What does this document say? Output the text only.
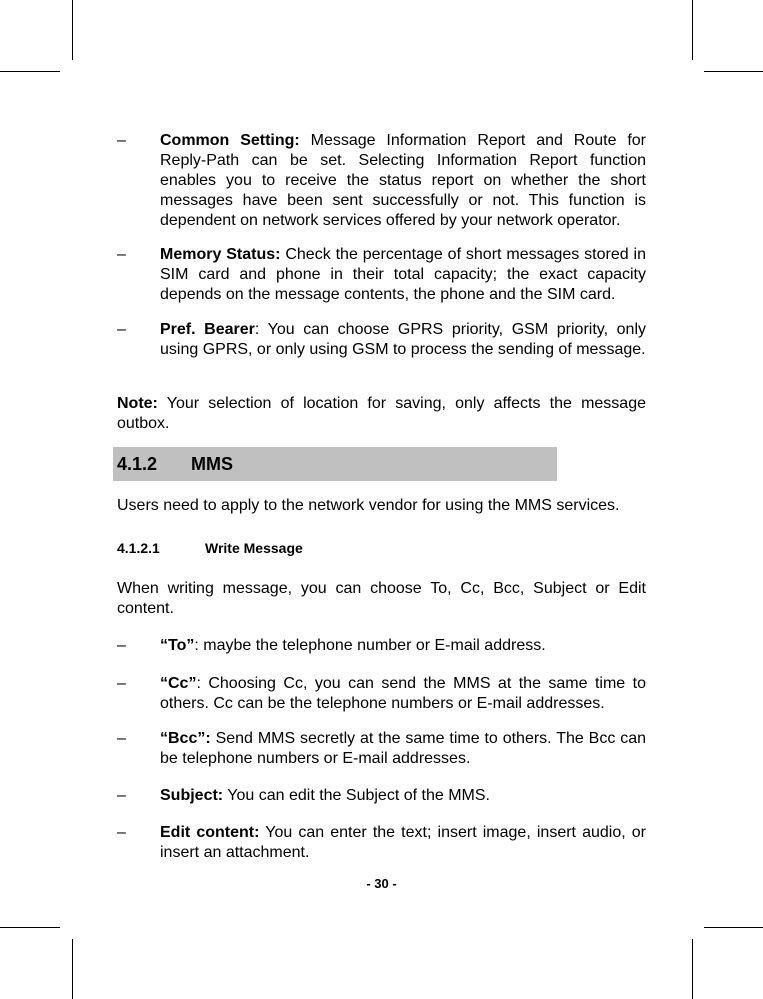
– Common Setting: Message Information Report and Route for Reply-Path can be set. Selecting Information Report function enables you to receive the status report on whether the short messages have been sent successfully or not. This function is dependent on network services offered by your network operator.
– Memory Status: Check the percentage of short messages stored in SIM card and phone in their total capacity; the exact capacity depends on the message contents, the phone and the SIM card.
– Pref. Bearer: You can choose GPRS priority, GSM priority, only using GPRS, or only using GSM to process the sending of message.
Note: Your selection of location for saving, only affects the message outbox.
4.1.2 MMS
Users need to apply to the network vendor for using the MMS services.
4.1.2.1	Write Message
When writing message, you can choose To, Cc, Bcc, Subject or Edit content.
– “To”: maybe the telephone number or E-mail address.
– “Cc”: Choosing Cc, you can send the MMS at the same time to others. Cc can be the telephone numbers or E-mail addresses.
– “Bcc”: Send MMS secretly at the same time to others. The Bcc can be telephone numbers or E-mail addresses.
– Subject: You can edit the Subject of the MMS.
– Edit content: You can enter the text; insert image, insert audio, or insert an attachment.
- 30 -
